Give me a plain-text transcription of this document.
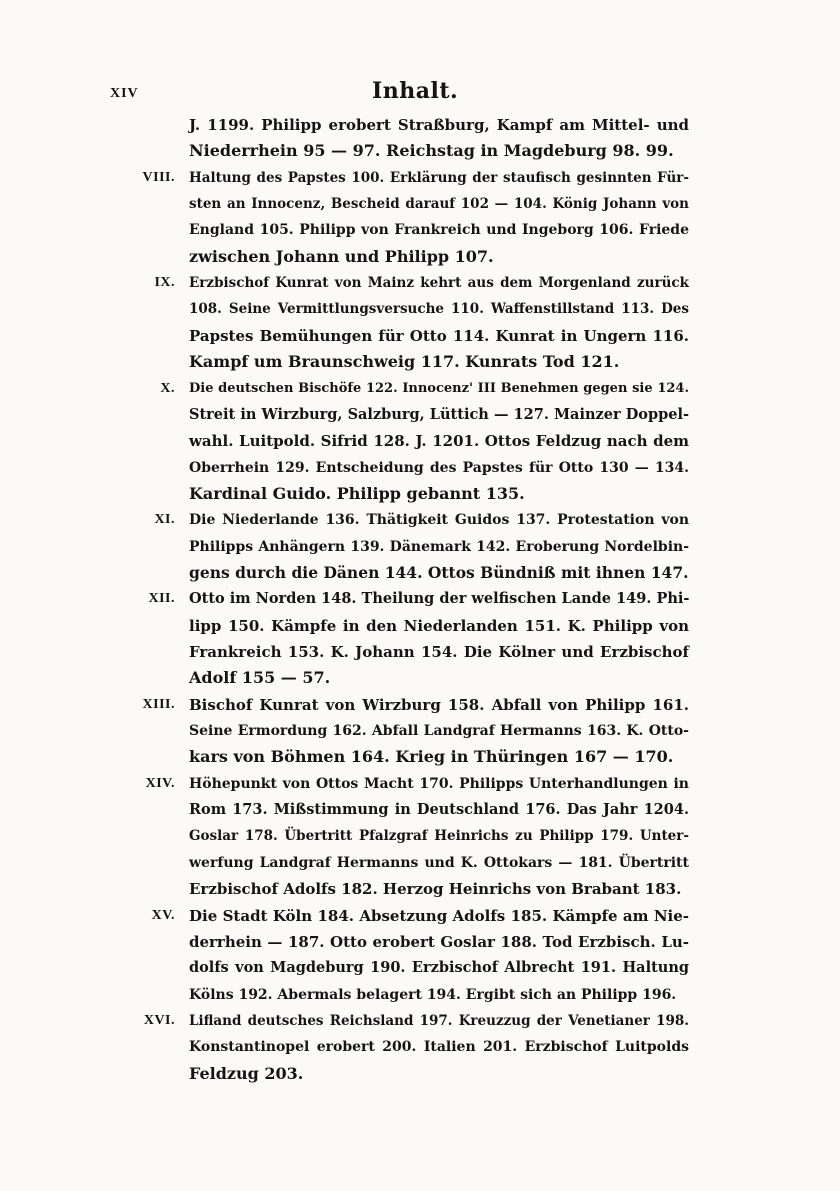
XIV	Inhalt.
J. 1199. Philipp erobert Straßburg, Kampf am Mittel- und
Niederrhein 95 — 97. Reichstag in Magdeburg 98. 99.
VIII. Haltung des Papstes 100. Erklärung der staufisch gesinnten Für-
sten an Innocenz, Bescheid darauf 102 — 104. König Johann von
England 105. Philipp von Frankreich und Ingeborg 106. Friede
zwischen Johann und Philipp 107.
IX. Erzbischof Kunrat von Mainz kehrt aus dem Morgenland zurück
108. Seine Vermittlungsversuche 110. Waffenstillstand 113. Des
Papstes Bemühungen für Otto 114. Kunrat in Ungern 116.
Kampf um Braunschweig 117. Kunrats Tod 121.
X. Die deutschen Bischöfe 122. Innocenz' III Benehmen gegen sie 124.
Streit in Wirzburg, Salzburg, Lüttich — 127. Mainzer Doppel-
wahl. Luitpold. Sifrid 128. J. 1201. Ottos Feldzug nach dem
Oberrhein 129. Entscheidung des Papstes für Otto 130 — 134.
Kardinal Guido. Philipp gebannt 135.
XI. Die Niederlande 136. Thätigkeit Guidos 137. Protestation von
Philipps Anhängern 139. Dänemark 142. Eroberung Nordelbin-
gens durch die Dänen 144. Ottos Bündniß mit ihnen 147.
XII. Otto im Norden 148. Theilung der welfischen Lande 149. Phi-
lipp 150. Kämpfe in den Niederlanden 151. K. Philipp von
Frankreich 153. K. Johann 154. Die Kölner und Erzbischof
Adolf 155 — 57.
XIII. Bischof Kunrat von Wirzburg 158. Abfall von Philipp 161.
Seine Ermordung 162. Abfall Landgraf Hermanns 163. K. Otto-
kars von Böhmen 164. Krieg in Thüringen 167 — 170.
XIV. Höhepunkt von Ottos Macht 170. Philipps Unterhandlungen in
Rom 173. Mißstimmung in Deutschland 176. Das Jahr 1204.
Goslar 178. Übertritt Pfalzgraf Heinrichs zu Philipp 179. Unter-
werfung Landgraf Hermanns und K. Ottokars — 181. Übertritt
Erzbischof Adolfs 182. Herzog Heinrichs von Brabant 183.
XV. Die Stadt Köln 184. Absetzung Adolfs 185. Kämpfe am Nie-
derrhein — 187. Otto erobert Goslar 188. Tod Erzbisch. Lu-
dolfs von Magdeburg 190. Erzbischof Albrecht 191. Haltung
Kölns 192. Abermals belagert 194. Ergibt sich an Philipp 196.
XVI. Lifland deutsches Reichsland 197. Kreuzzug der Venetianer 198.
Konstantinopel erobert 200. Italien 201. Erzbischof Luitpolds
Feldzug 203.
